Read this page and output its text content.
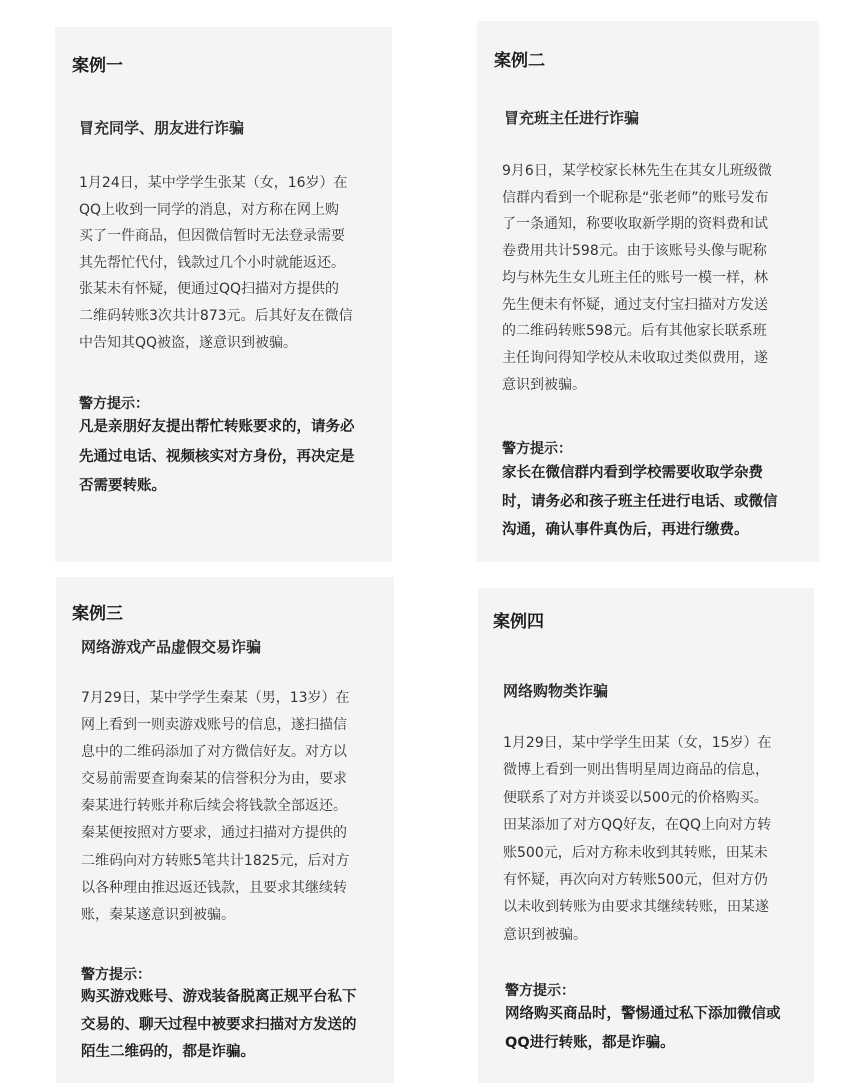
案例一
冒充同学、朋友进行诈骗
1月24日，某中学学生张某（女，16岁）在
QQ上收到一同学的消息，对方称在网上购
买了一件商品，但因微信暂时无法登录需要
其先帮忙代付，钱款过几个小时就能返还。
张某未有怀疑，便通过QQ扫描对方提供的
二维码转账3次共计873元。后其好友在微信
中告知其QQ被盗，遂意识到被骗。
警方提示：
凡是亲朋好友提出帮忙转账要求的，请务必
先通过电话、视频核实对方身份，再决定是
否需要转账。
案例二
冒充班主任进行诈骗
9月6日，某学校家长林先生在其女儿班级微
信群内看到一个昵称是“张老师”的账号发布
了一条通知，称要收取新学期的资料费和试
卷费用共计598元。由于该账号头像与昵称
均与林先生女儿班主任的账号一模一样，林
先生便未有怀疑，通过支付宝扫描对方发送
的二维码转账598元。后有其他家长联系班
主任询问得知学校从未收取过类似费用，遂
意识到被骗。
警方提示：
家长在微信群内看到学校需要收取学杂费
时，请务必和孩子班主任进行电话、或微信
沟通，确认事件真伪后，再进行缴费。
案例三
网络游戏产品虚假交易诈骗
7月29日，某中学学生秦某（男，13岁）在
网上看到一则卖游戏账号的信息，遂扫描信
息中的二维码添加了对方微信好友。对方以
交易前需要查询秦某的信誉积分为由，要求
秦某进行转账并称后续会将钱款全部返还。
秦某便按照对方要求，通过扫描对方提供的
二维码向对方转账5笔共计1825元，后对方
以各种理由推迟返还钱款，且要求其继续转
账，秦某遂意识到被骗。
警方提示：
购买游戏账号、游戏装备脱离正规平台私下
交易的、聊天过程中被要求扫描对方发送的
陌生二维码的，都是诈骗。
案例四
网络购物类诈骗
1月29日，某中学学生田某（女，15岁）在
微博上看到一则出售明星周边商品的信息，
便联系了对方并谈妥以500元的价格购买。
田某添加了对方QQ好友，在QQ上向对方转
账500元，后对方称未收到其转账，田某未
有怀疑，再次向对方转账500元，但对方仍
以未收到转账为由要求其继续转账，田某遂
意识到被骗。
警方提示：
网络购买商品时，警惕通过私下添加微信或
QQ进行转账，都是诈骗。
